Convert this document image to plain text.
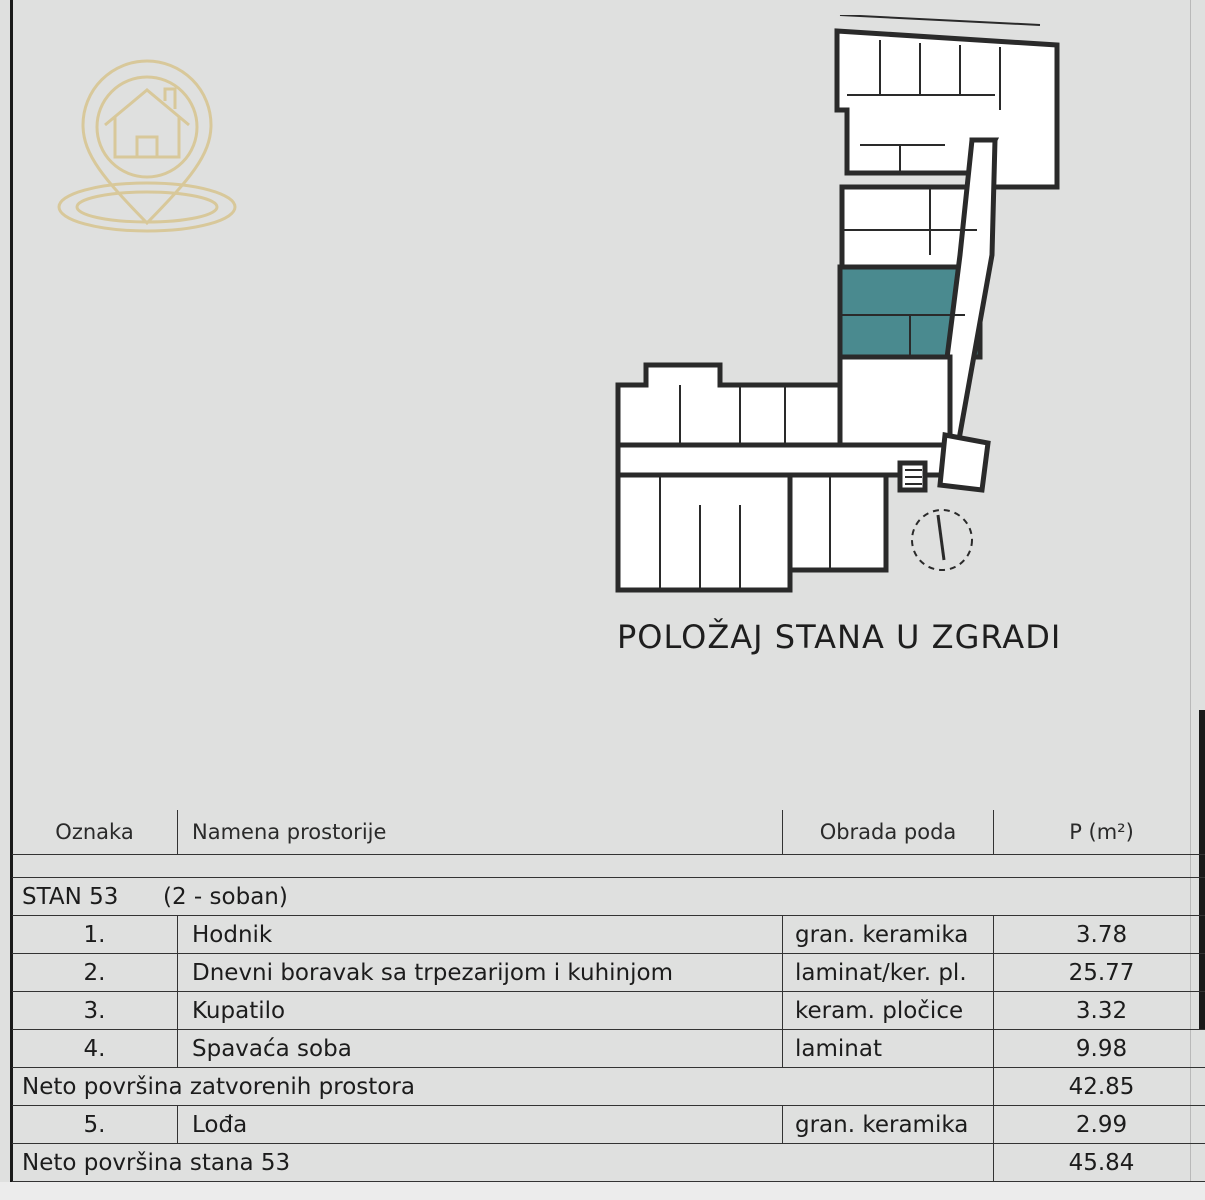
POLOŽAJ STANA U ZGRADI
Oznaka	Namena prostorije	Obrada poda	P (m²)

STAN 53 (2 - soban)			
1.	Hodnik	gran. keramika	3.78
2.	Dnevni boravak sa trpezarijom i kuhinjom	laminat/ker. pl.	25.77
3.	Kupatilo	keram. pločice	3.32
4.	Spavaća soba	laminat	9.98
Neto površina zatvorenih prostora			42.85
5.	Lođa	gran. keramika	2.99
Neto površina stana 53			45.84
